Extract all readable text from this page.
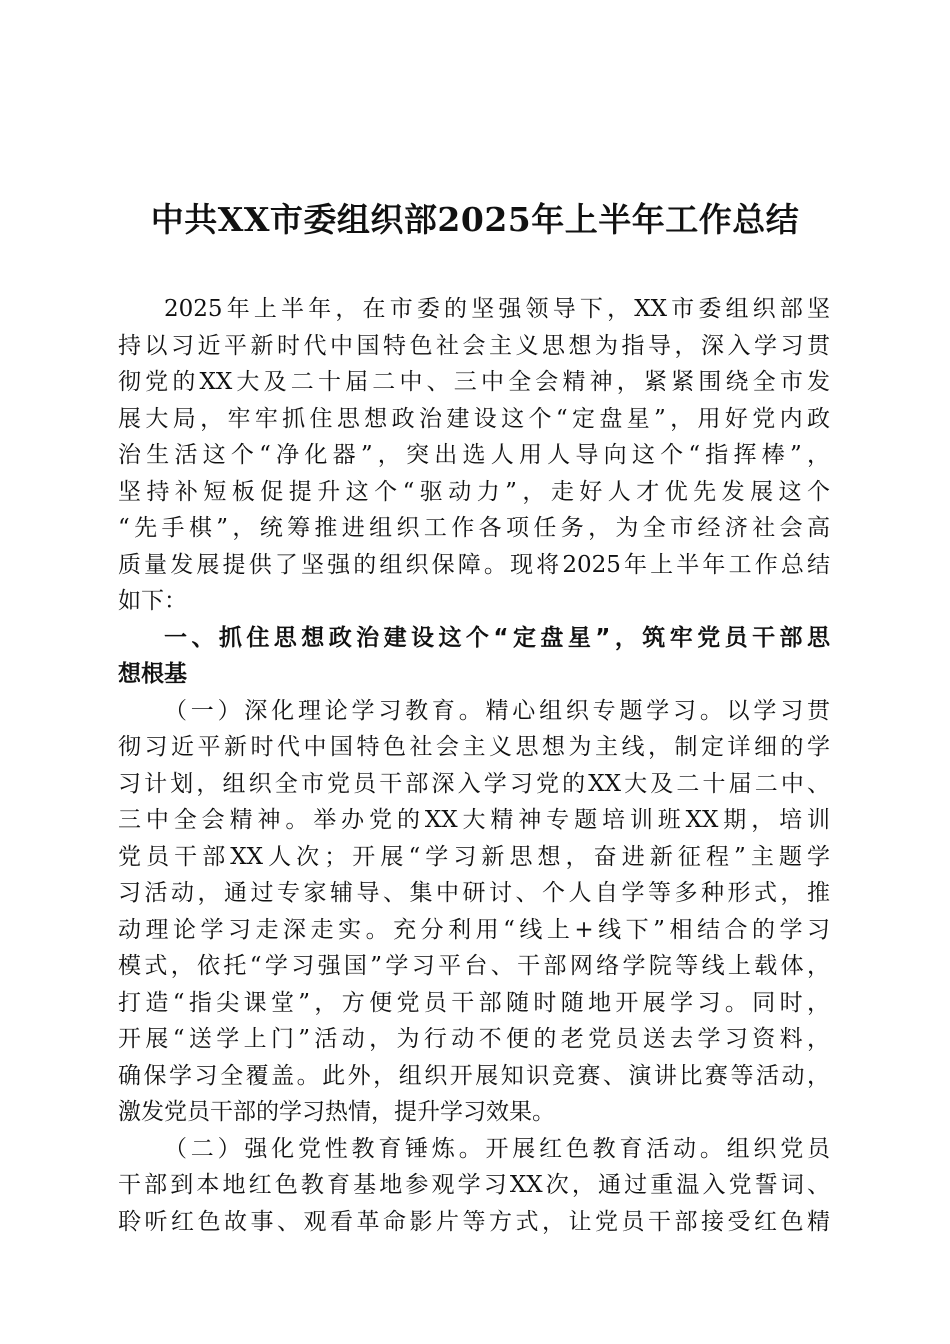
中共XX市委组织部2025年上半年工作总结
2025年上半年，在市委的坚强领导下，XX市委组织部坚
持以习近平新时代中国特色社会主义思想为指导，深入学习贯
彻党的XX大及二十届二中、三中全会精神，紧紧围绕全市发
展大局，牢牢抓住思想政治建设这个“定盘星”，用好党内政
治生活这个“净化器”，突出选人用人导向这个“指挥棒”，
坚持补短板促提升这个“驱动力”，走好人才优先发展这个
“先手棋”，统筹推进组织工作各项任务，为全市经济社会高
质量发展提供了坚强的组织保障。现将2025年上半年工作总结
如下：
一、抓住思想政治建设这个“定盘星”，筑牢党员干部思
想根基
（一）深化理论学习教育。精心组织专题学习。以学习贯
彻习近平新时代中国特色社会主义思想为主线，制定详细的学
习计划，组织全市党员干部深入学习党的XX大及二十届二中、
三中全会精神。举办党的XX大精神专题培训班XX期，培训
党员干部XX人次；开展“学习新思想，奋进新征程”主题学
习活动，通过专家辅导、集中研讨、个人自学等多种形式，推
动理论学习走深走实。充分利用“线上+线下”相结合的学习
模式，依托“学习强国”学习平台、干部网络学院等线上载体，
打造“指尖课堂”，方便党员干部随时随地开展学习。同时，
开展“送学上门”活动，为行动不便的老党员送去学习资料，
确保学习全覆盖。此外，组织开展知识竞赛、演讲比赛等活动，
激发党员干部的学习热情，提升学习效果。
（二）强化党性教育锤炼。开展红色教育活动。组织党员
干部到本地红色教育基地参观学习XX次，通过重温入党誓词、
聆听红色故事、观看革命影片等方式，让党员干部接受红色精
